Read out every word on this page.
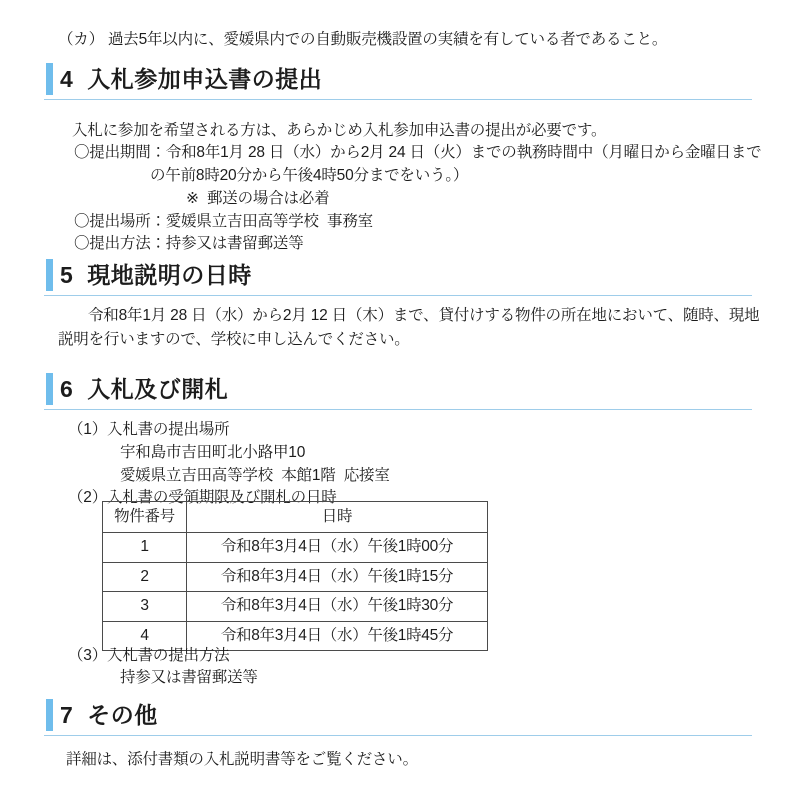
（カ） 過去5年以内に、愛媛県内での自動販売機設置の実績を有している者であること。
4 入札参加申込書の提出
入札に参加を希望される方は、あらかじめ入札参加申込書の提出が必要です。
〇提出期間：令和8年1月 28 日（水）から2月 24 日（火）までの執務時間中（月曜日から金曜日まで
の午前8時20分から午後4時50分までをいう。）
※  郵送の場合は必着
〇提出場所：愛媛県立吉田高等学校  事務室
〇提出方法：持参又は書留郵送等
5 現地説明の日時
令和8年1月 28 日（水）から2月 12 日（木）まで、貸付けする物件の所在地において、随時、現地説明を行いますので、学校に申し込んでください。
6 入札及び開札
（1）入札書の提出場所
宇和島市吉田町北小路甲10
愛媛県立吉田高等学校  本館1階  応接室
（2）入札書の受領期限及び開札の日時
物件番号	日時
1	令和8年3月4日（水）午後1時00分
2	令和8年3月4日（水）午後1時15分
3	令和8年3月4日（水）午後1時30分
4	令和8年3月4日（水）午後1時45分
（3）入札書の提出方法
持参又は書留郵送等
7 その他
詳細は、添付書類の入札説明書等をご覧ください。
